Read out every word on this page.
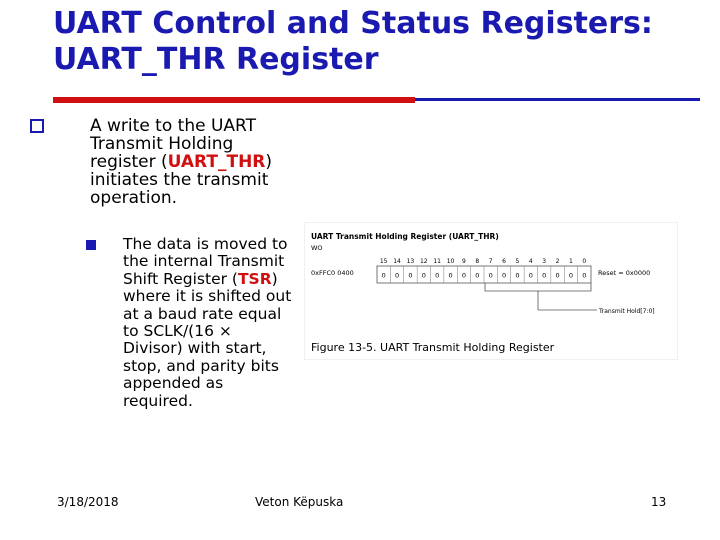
UART Control and Status Registers: UART_THR Register
A write to the UART Transmit Holding register (UART_THR) initiates the transmit operation.
The data is moved to the internal Transmit Shift Register (TSR) where it is shifted out at a baud rate equal to SCLK/(16 × Divisor) with start, stop, and parity bits appended as required.
UART Transmit Holding Register (UART_THR)
WO
0xFFC0 0400
15 14 13 12 11 10 9 8 7 6 5 4 3 2 1 0
0 0 0 0 0 0 0 0 0 0 0 0 0 0 0 0 Reset = 0x0000
Transmit Hold[7:0]
Figure 13-5. UART Transmit Holding Register
3/18/2018	Veton Këpuska	13
